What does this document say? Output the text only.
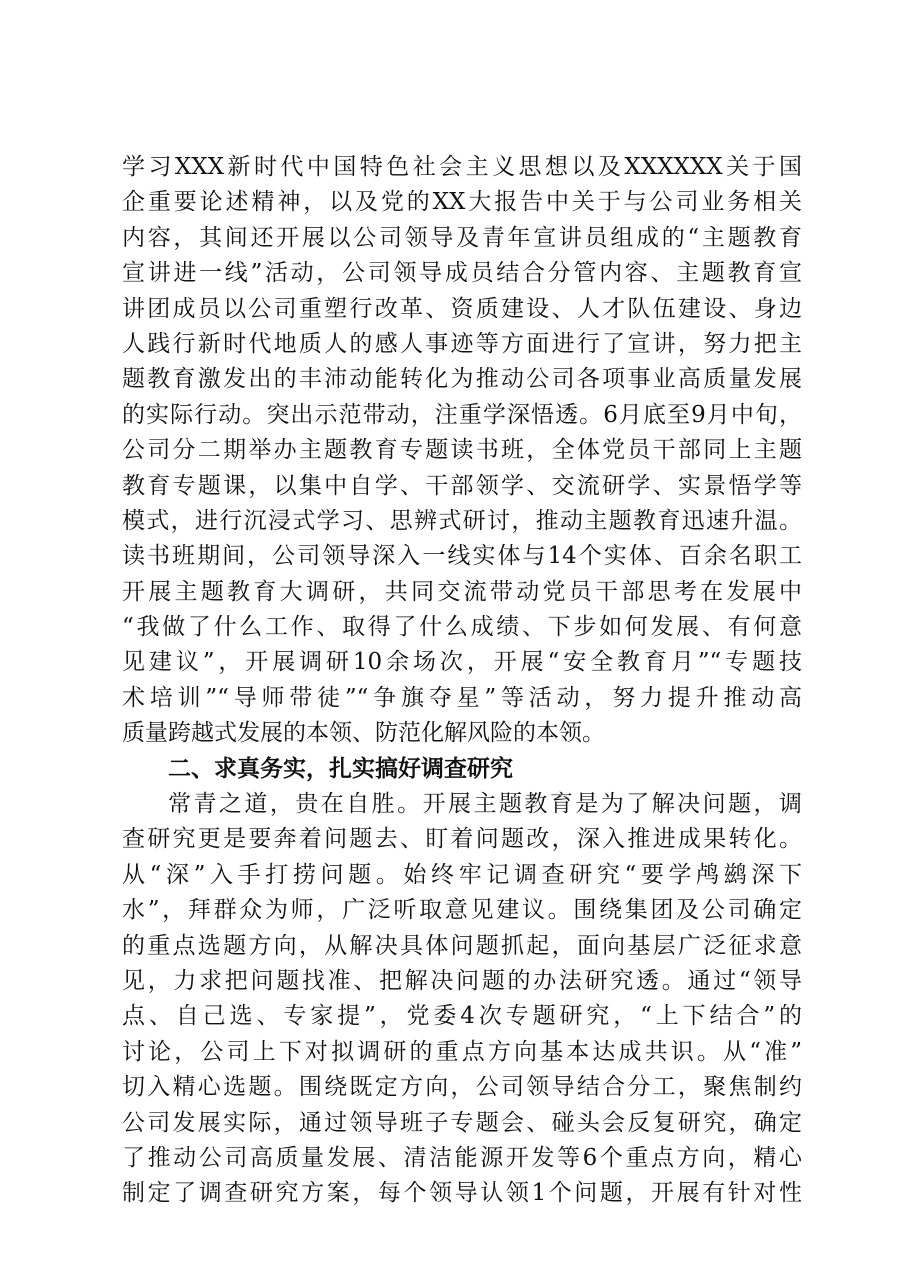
学习XXX新时代中国特色社会主义思想以及XXXXXX关于国
企重要论述精神，以及党的XX大报告中关于与公司业务相关
内容，其间还开展以公司领导及青年宣讲员组成的“主题教育
宣讲进一线”活动，公司领导成员结合分管内容、主题教育宣
讲团成员以公司重塑行改革、资质建设、人才队伍建设、身边
人践行新时代地质人的感人事迹等方面进行了宣讲，努力把主
题教育激发出的丰沛动能转化为推动公司各项事业高质量发展
的实际行动。突出示范带动，注重学深悟透。6月底至9月中旬，
公司分二期举办主题教育专题读书班，全体党员干部同上主题
教育专题课，以集中自学、干部领学、交流研学、实景悟学等
模式，进行沉浸式学习、思辨式研讨，推动主题教育迅速升温。
读书班期间，公司领导深入一线实体与14个实体、百余名职工
开展主题教育大调研，共同交流带动党员干部思考在发展中
“我做了什么工作、取得了什么成绩、下步如何发展、有何意
见建议”，开展调研10余场次，开展“安全教育月”“专题技
术培训”“导师带徒”“争旗夺星”等活动，努力提升推动高
质量跨越式发展的本领、防范化解风险的本领。
二、求真务实，扎实搞好调查研究
常青之道，贵在自胜。开展主题教育是为了解决问题，调
查研究更是要奔着问题去、盯着问题改，深入推进成果转化。
从“深”入手打捞问题。始终牢记调查研究“要学鸬鹚深下
水”，拜群众为师，广泛听取意见建议。围绕集团及公司确定
的重点选题方向，从解决具体问题抓起，面向基层广泛征求意
见，力求把问题找准、把解决问题的办法研究透。通过“领导
点、自己选、专家提”，党委4次专题研究，“上下结合”的
讨论，公司上下对拟调研的重点方向基本达成共识。从“准”
切入精心选题。围绕既定方向，公司领导结合分工，聚焦制约
公司发展实际，通过领导班子专题会、碰头会反复研究，确定
了推动公司高质量发展、清洁能源开发等6个重点方向，精心
制定了调查研究方案，每个领导认领1个问题，开展有针对性
